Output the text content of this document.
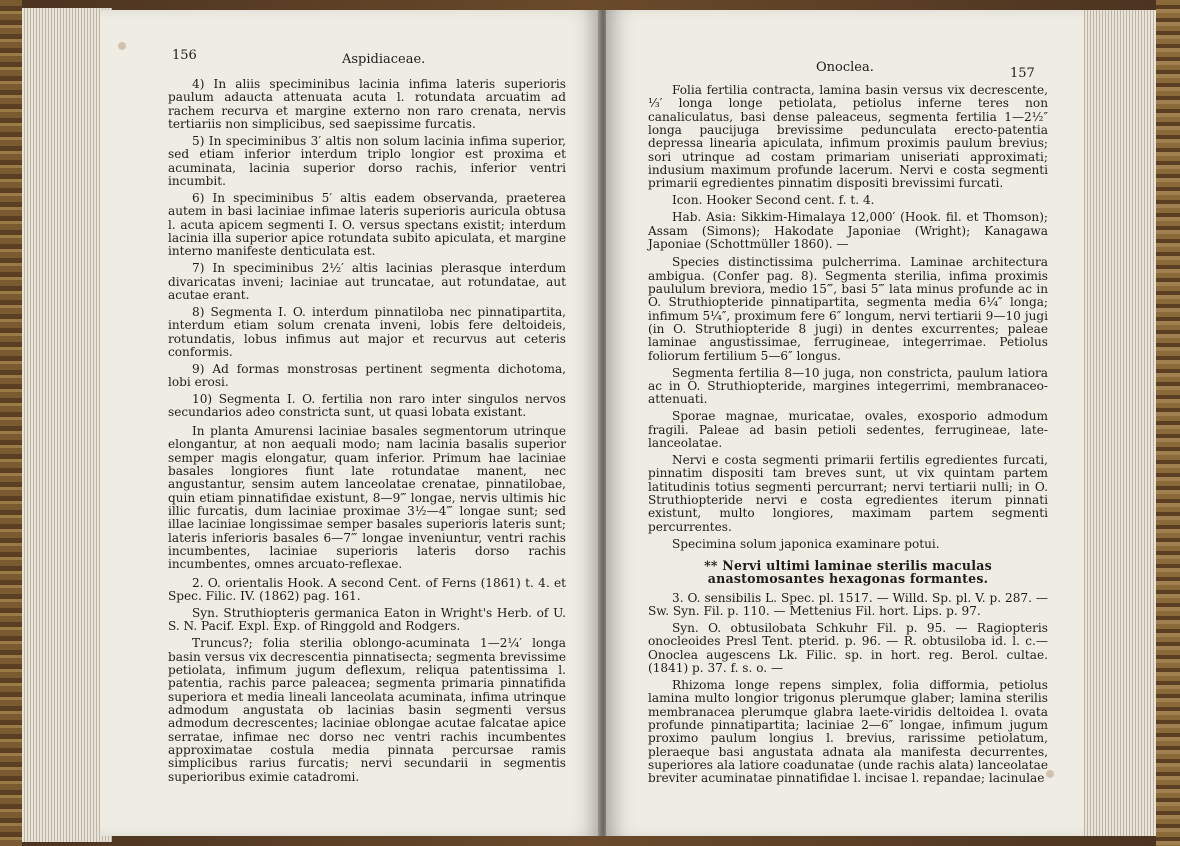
156	Aspidiaceae.

4) In aliis speciminibus lacinia infima lateris superioris paulum adaucta attenuata acuta l. rotundata arcuatim ad rachem recurva et margine externo non raro crenata, nervis tertiariis non simplicibus, sed saepissime furcatis.

5) In speciminibus 3′ altis non solum lacinia infima superior, sed etiam inferior interdum triplo longior est proxima et acuminata, lacinia superior dorso rachis, inferior ventri incumbit.

6) In speciminibus 5′ altis eadem observanda, praeterea autem in basi laciniae infimae lateris superioris auricula obtusa l. acuta apicem segmenti I. O. versus spectans existit; interdum lacinia illa superior apice rotundata subito apiculata, et margine interno manifeste denticulata est.

7) In speciminibus 2½′ altis lacinias plerasque interdum divaricatas inveni; laciniae aut truncatae, aut rotundatae, aut acutae erant.

8) Segmenta I. O. interdum pinnatiloba nec pinnatipartita, interdum etiam solum crenata inveni, lobis fere deltoideis, rotundatis, lobus infimus aut major et recurvus aut ceteris conformis.

9) Ad formas monstrosas pertinent segmenta dichotoma, lobi erosi.

10) Segmenta I. O. fertilia non raro inter singulos nervos secundarios adeo constricta sunt, ut quasi lobata existant.

In planta Amurensi laciniae basales segmentorum utrinque elongantur, at non aequali modo; nam lacinia basalis superior semper magis elongatur, quam inferior. Primum hae laciniae basales longiores fiunt late rotundatae manent, nec angustantur, sensim autem lanceolatae crenatae, pinnatilobae, quin etiam pinnatifidae existunt, 8—9‴ longae, nervis ultimis hic illic furcatis, dum laciniae proximae 3½—4‴ longae sunt; sed illae laciniae longissimae semper basales superioris lateris sunt; lateris inferioris basales 6—7‴ longae inveniuntur, ventri rachis incumbentes, laciniae superioris lateris dorso rachis incumbentes, omnes arcuato-reflexae.

2. O. orientalis Hook. A second Cent. of Ferns (1861) t. 4. et Spec. Filic. IV. (1862) pag. 161.

Syn. Struthiopteris germanica Eaton in Wright's Herb. of U. S. N. Pacif. Expl. Exp. of Ringgold and Rodgers.

Truncus?; folia sterilia oblongo-acuminata 1—2¼′ longa basin versus vix decrescentia pinnatisecta; segmenta brevissime petiolata, infimum jugum deflexum, reliqua patentissima l. patentia, rachis parce paleacea; segmenta primaria pinnatifida superiora et media lineali lanceolata acuminata, infima utrinque admodum angustata ob lacinias basin segmenti versus admodum decrescentes; laciniae oblongae acutae falcatae apice serratae, infimae nec dorso nec ventri rachis incumbentes approximatae costula media pinnata percursae ramis simplicibus rarius furcatis; nervi secundarii in segmentis superioribus eximie catadromi.

Onoclea.	157

Folia fertilia contracta, lamina basin versus vix decrescente, ⅓′ longa longe petiolata, petiolus inferne teres non canaliculatus, basi dense paleaceus, segmenta fertilia 1—2½″ longa paucijuga brevissime pedunculata erecto-patentia depressa linearia apiculata, infimum proximis paulum brevius; sori utrinque ad costam primariam uniseriati approximati; indusium maximum profunde lacerum. Nervi e costa segmenti primarii egredientes pinnatim dispositi brevissimi furcati.

Icon. Hooker Second cent. f. t. 4.

Hab. Asia: Sikkim-Himalaya 12,000′ (Hook. fil. et Thomson); Assam (Simons); Hakodate Japoniae (Wright); Kanagawa Japoniae (Schottmüller 1860). —

Species distinctissima pulcherrima. Laminae architectura ambigua. (Confer pag. 8). Segmenta sterilia, infima proximis paululum breviora, medio 15‴, basi 5‴ lata minus profunde ac in O. Struthiopteride pinnatipartita, segmenta media 6¼″ longa; infimum 5¼″, proximum fere 6″ longum, nervi tertiarii 9—10 jugi (in O. Struthiopteride 8 jugi) in dentes excurrentes; paleae laminae angustissimae, ferrugineae, integerrimae. Petiolus foliorum fertilium 5—6″ longus.

Segmenta fertilia 8—10 juga, non constricta, paulum latiora ac in O. Struthiopteride, margines integerrimi, membranaceo-attenuati.

Sporae magnae, muricatae, ovales, exosporio admodum fragili. Paleae ad basin petioli sedentes, ferrugineae, late-lanceolatae.

Nervi e costa segmenti primarii fertilis egredientes furcati, pinnatim dispositi tam breves sunt, ut vix quintam partem latitudinis totius segmenti percurrant; nervi tertiarii nulli; in O. Struthiopteride nervi e costa egredientes iterum pinnati existunt, multo longiores, maximam partem segmenti percurrentes.

Specimina solum japonica examinare potui.

** Nervi ultimi laminae sterilis maculas anastomosantes hexagonas formantes.

3. O. sensibilis L. Spec. pl. 1517. — Willd. Sp. pl. V. p. 287. — Sw. Syn. Fil. p. 110. — Mettenius Fil. hort. Lips. p. 97.

Syn. O. obtusilobata Schkuhr Fil. p. 95. — Ragiopteris onocleoides Presl Tent. pterid. p. 96. — R. obtusiloba id. l. c.— Onoclea augescens Lk. Filic. sp. in hort. reg. Berol. cultae. (1841) p. 37. f. s. o. —

Rhizoma longe repens simplex, folia difformia, petiolus lamina multo longior trigonus plerumque glaber; lamina sterilis membranacea plerumque glabra laete-viridis deltoidea l. ovata profunde pinnatipartita; laciniae 2—6″ longae, infimum jugum proximo paulum longius l. brevius, rarissime petiolatum, pleraeque basi angustata adnata ala manifesta decurrentes, superiores ala latiore coadunatae (unde rachis alata) lanceolatae breviter acuminatae pinnatifidae l. incisae l. repandae; lacinulae
